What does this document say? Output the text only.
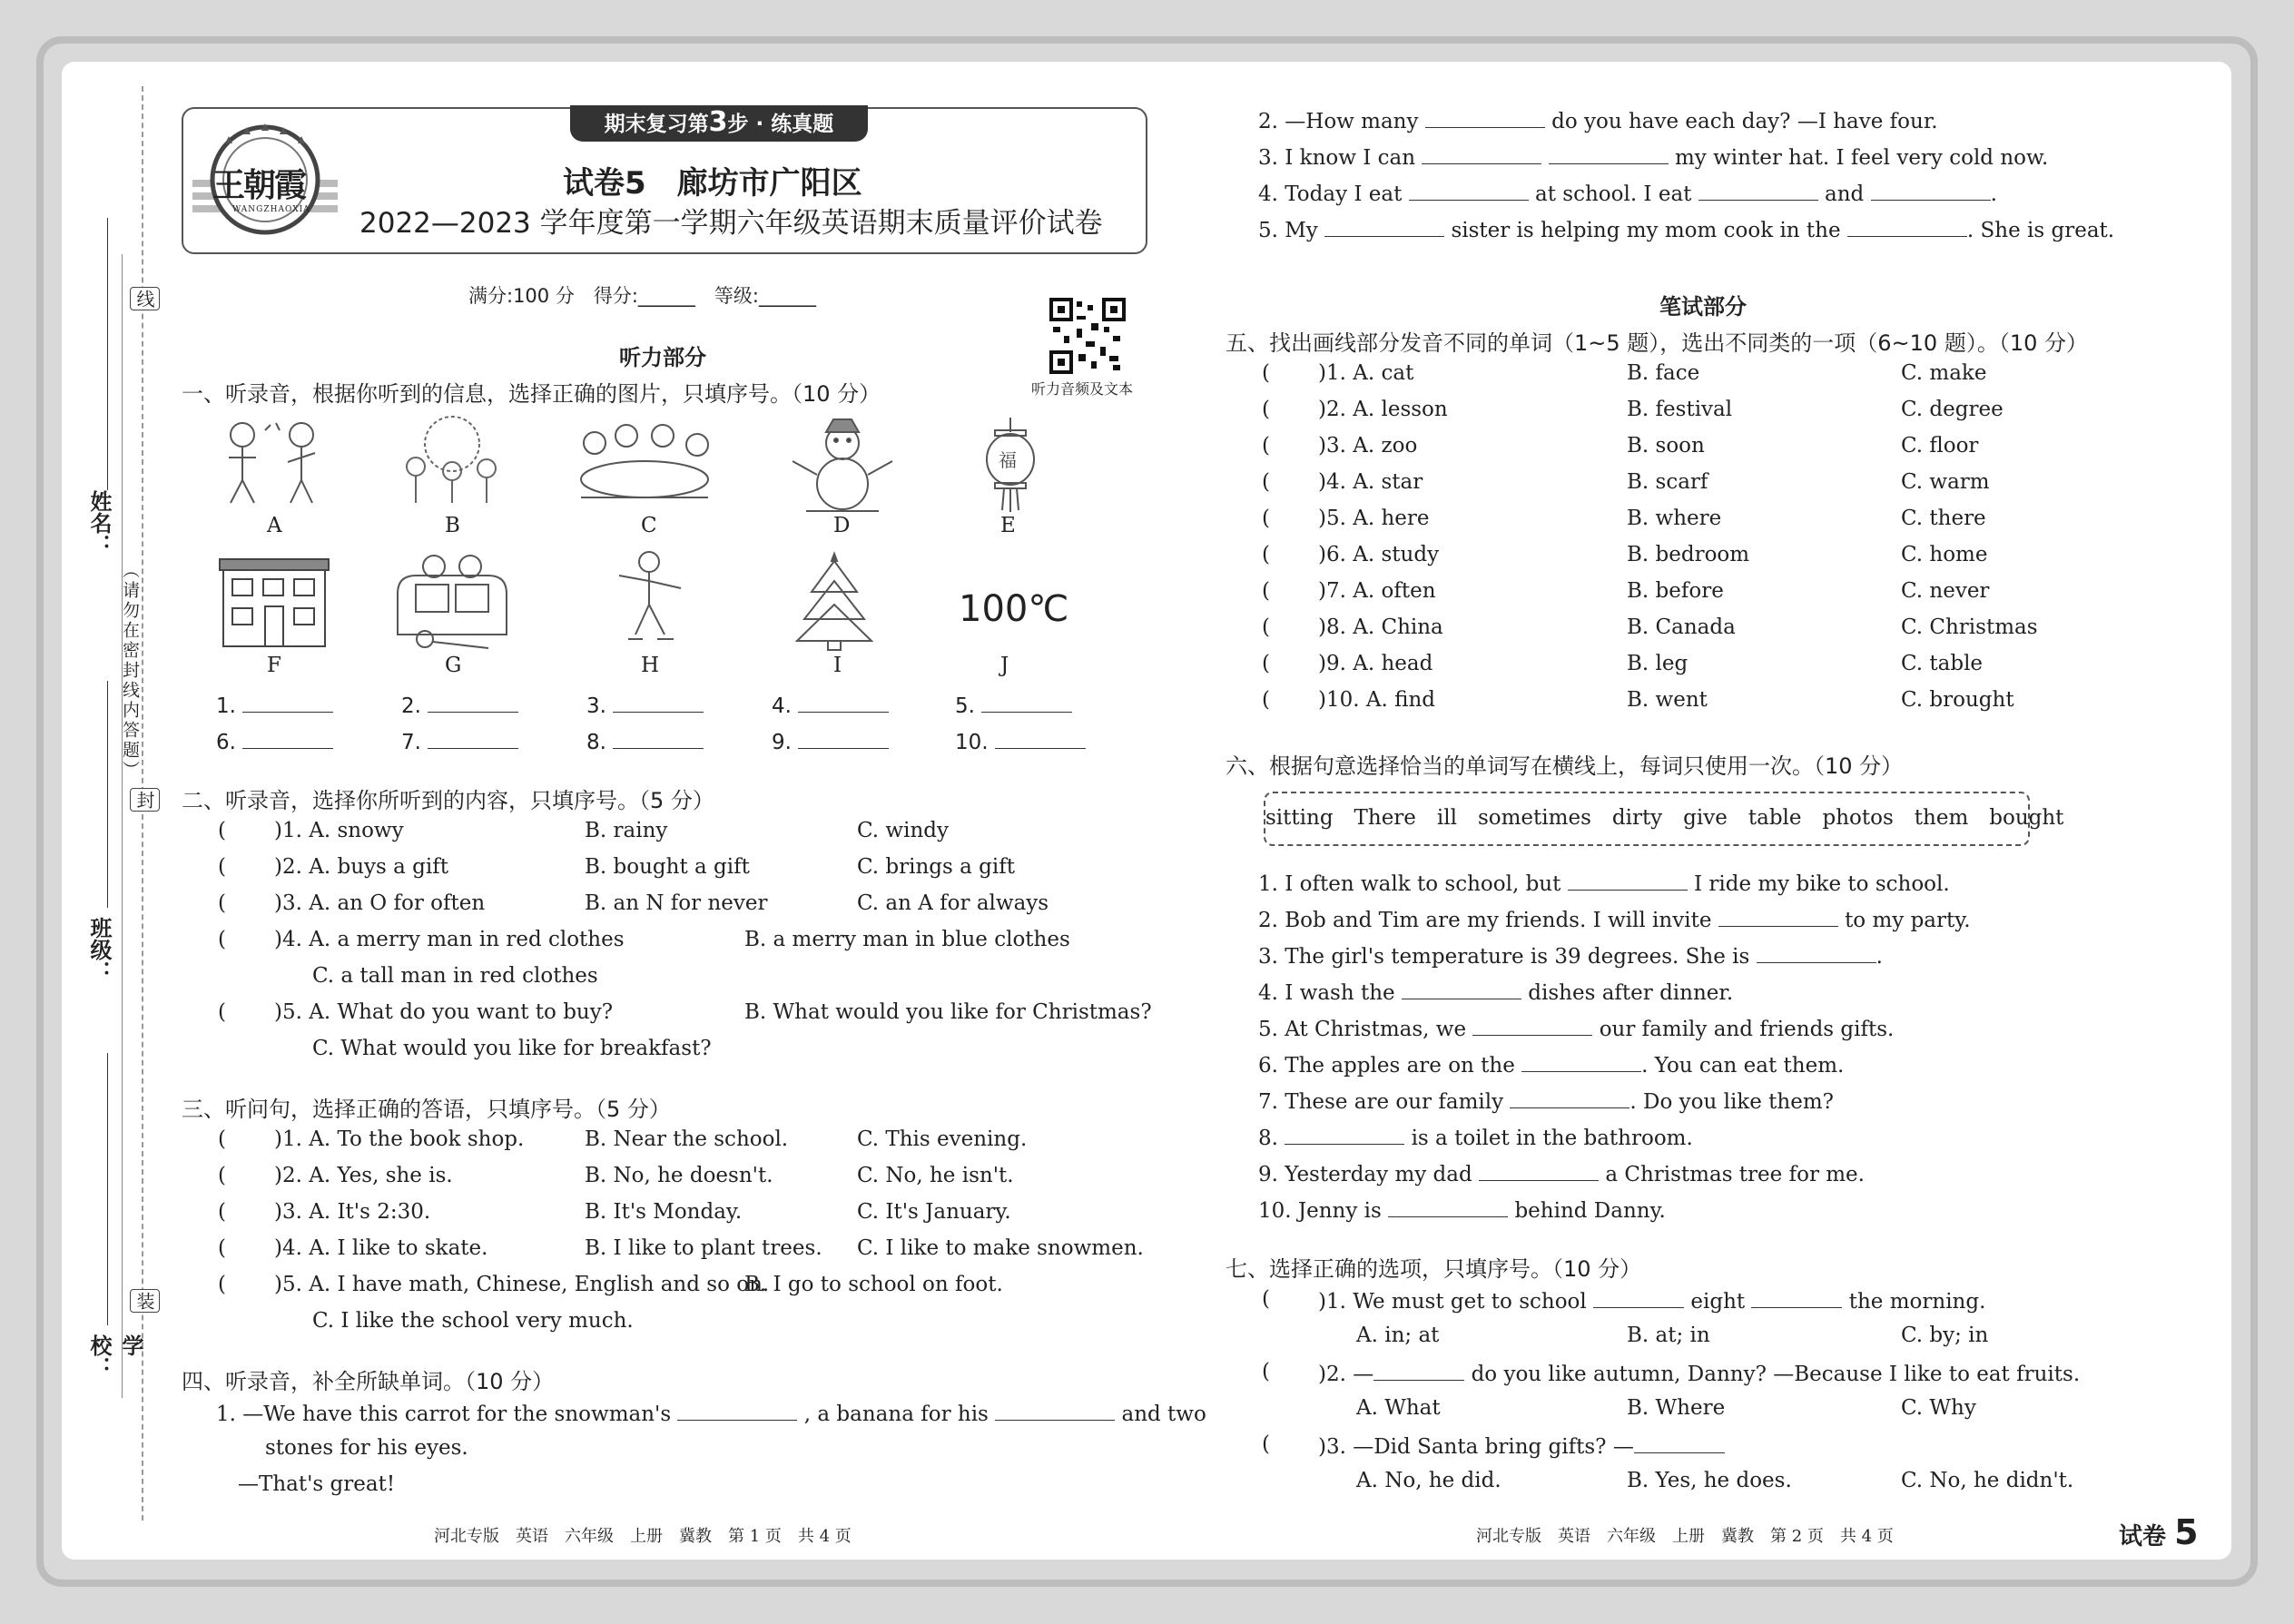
线
封
装
（请勿在密封线内答题）
姓名：
班级：
学校：
期末复习第3步 · 练真题
王朝霞
WANGZHAOXIA
试卷5　廊坊市广阳区
2022—2023 学年度第一学期六年级英语期末质量评价试卷
满分:100 分　得分:______　等级:______
听力音频及文本
听力部分
一、听录音，根据你听到的信息，选择正确的图片，只填序号。（10 分）
福
A	B	C	D	E
100℃
F	G	H	I	J
1.	2.	3.	4.	5.
6.	7.	8.	9.	10.
二、听录音，选择你所听到的内容，只填序号。（5 分）
( )1. A. snowy	B. rainy	C. windy
( )2. A. buys a gift	B. bought a gift	C. brings a gift
( )3. A. an O for often	B. an N for never	C. an A for always
( )4. A. a merry man in red clothes	B. a merry man in blue clothes
C. a tall man in red clothes
( )5. A. What do you want to buy?	B. What would you like for Christmas?
C. What would you like for breakfast?
三、听问句，选择正确的答语，只填序号。（5 分）
( )1. A. To the book shop.	B. Near the school.	C. This evening.
( )2. A. Yes, she is.	B. No, he doesn't.	C. No, he isn't.
( )3. A. It's 2:30.	B. It's Monday.	C. It's January.
( )4. A. I like to skate.	B. I like to plant trees. C. I like to make snowmen.
( )5. A. I have math, Chinese, English and so on.
B. I go to school on foot.
C. I like the school very much.
四、听录音，补全所缺单词。（10 分）
1. —We have this carrot for the snowman's	, a banana for his	and two
stones for his eyes.
—That's great!
2. —How many	do you have each day? —I have four.
3. I know I can	my winter hat. I feel very cold now.
4. Today I eat	at school. I eat	and	.
5. My	sister is helping my mom cook in the	. She is great.
笔试部分
五、找出画线部分发音不同的单词（1~5 题），选出不同类的一项（6~10 题）。（10 分）
( )1. A. cat	B. face	C. make
( )2. A. lesson	B. festival	C. degree
( )3. A. zoo	B. soon	C. floor
( )4. A. star	B. scarf	C. warm
( )5. A. here	B. where	C. there
( )6. A. study	B. bedroom	C. home
( )7. A. often	B. before	C. never
( )8. A. China	B. Canada	C. Christmas
( )9. A. head	B. leg	C. table
( )10. A. find	B. went	C. brought
六、根据句意选择恰当的单词写在横线上，每词只使用一次。（10 分）
sitting　There　ill　sometimes　dirty　give　table　photos　them　bought
1. I often walk to school, but	I ride my bike to school.
2. Bob and Tim are my friends. I will invite	to my party.
3. The girl's temperature is 39 degrees. She is	.
4. I wash the	dishes after dinner.
5. At Christmas, we	our family and friends gifts.
6. The apples are on the	. You can eat them.
7. These are our family	. Do you like them?
8.	is a toilet in the bathroom.
9. Yesterday my dad	a Christmas tree for me.
10. Jenny is	behind Danny.
七、选择正确的选项，只填序号。（10 分）
( )1. We must get to school	eight	the morning.
A. in; at	B. at; in	C. by; in
( )2. —	do you like autumn, Danny? —Because I like to eat fruits.
A. What	B. Where	C. Why
( )3. —Did Santa bring gifts? —
A. No, he did.	B. Yes, he does.	C. No, he didn't.
河北专版　英语　六年级　上册　冀教　第 1 页　共 4 页	河北专版　英语　六年级　上册　冀教　第 2 页　共 4 页	试卷 5
